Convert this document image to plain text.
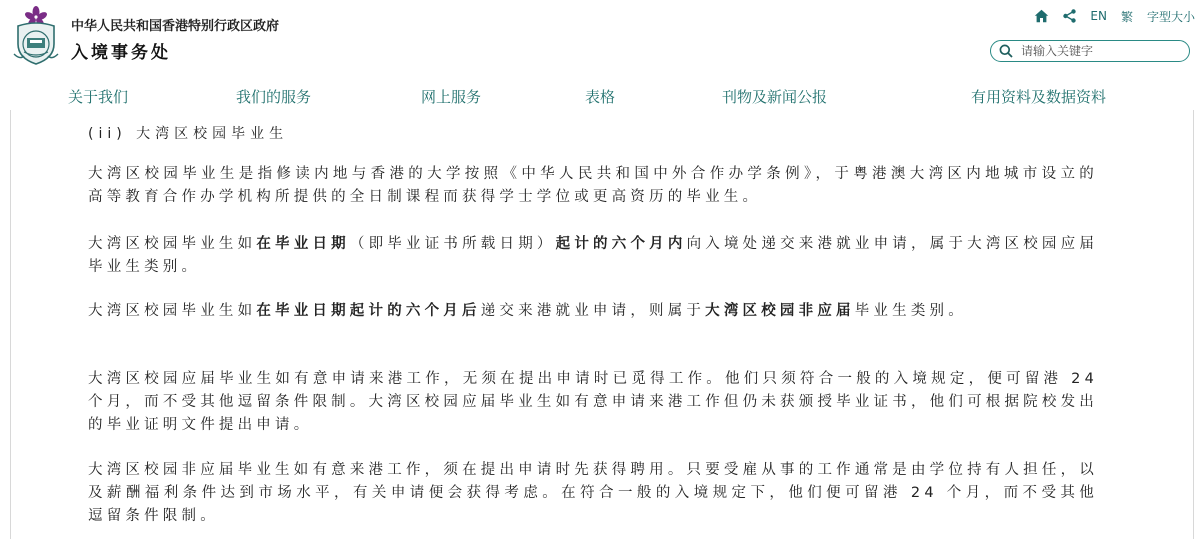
中华人民共和国香港特别行政区政府
入境事务处
EN 繁 字型大小
请输入关键字
关于我们	我们的服务	网上服务	表格	刊物及新闻公报	有用资料及数据资料
(ii) 大湾区校园毕业生
大湾区校园毕业生是指修读内地与香港的大学按照《中华人民共和国中外合作办学条例》，于粤港澳大湾区内地城市设立的高等教育合作办学机构所提供的全日制课程而获得学士学位或更高资历的毕业生。
大湾区校园毕业生如在毕业日期（即毕业证书所载日期）起计的六个月内向入境处递交来港就业申请，属于大湾区校园应届毕业生类别。
大湾区校园毕业生如在毕业日期起计的六个月后递交来港就业申请，则属于大湾区校园非应届毕业生类别。
大湾区校园应届毕业生如有意申请来港工作，无须在提出申请时已觅得工作。他们只须符合一般的入境规定，便可留港 24 个月，而不受其他逗留条件限制。大湾区校园应届毕业生如有意申请来港工作但仍未获颁授毕业证书，他们可根据院校发出的毕业证明文件提出申请。
大湾区校园非应届毕业生如有意来港工作，须在提出申请时先获得聘用。只要受雇从事的工作通常是由学位持有人担任，以及薪酬福利条件达到市场水平，有关申请便会获得考虑。在符合一般的入境规定下，他们便可留港 24 个月，而不受其他逗留条件限制。
